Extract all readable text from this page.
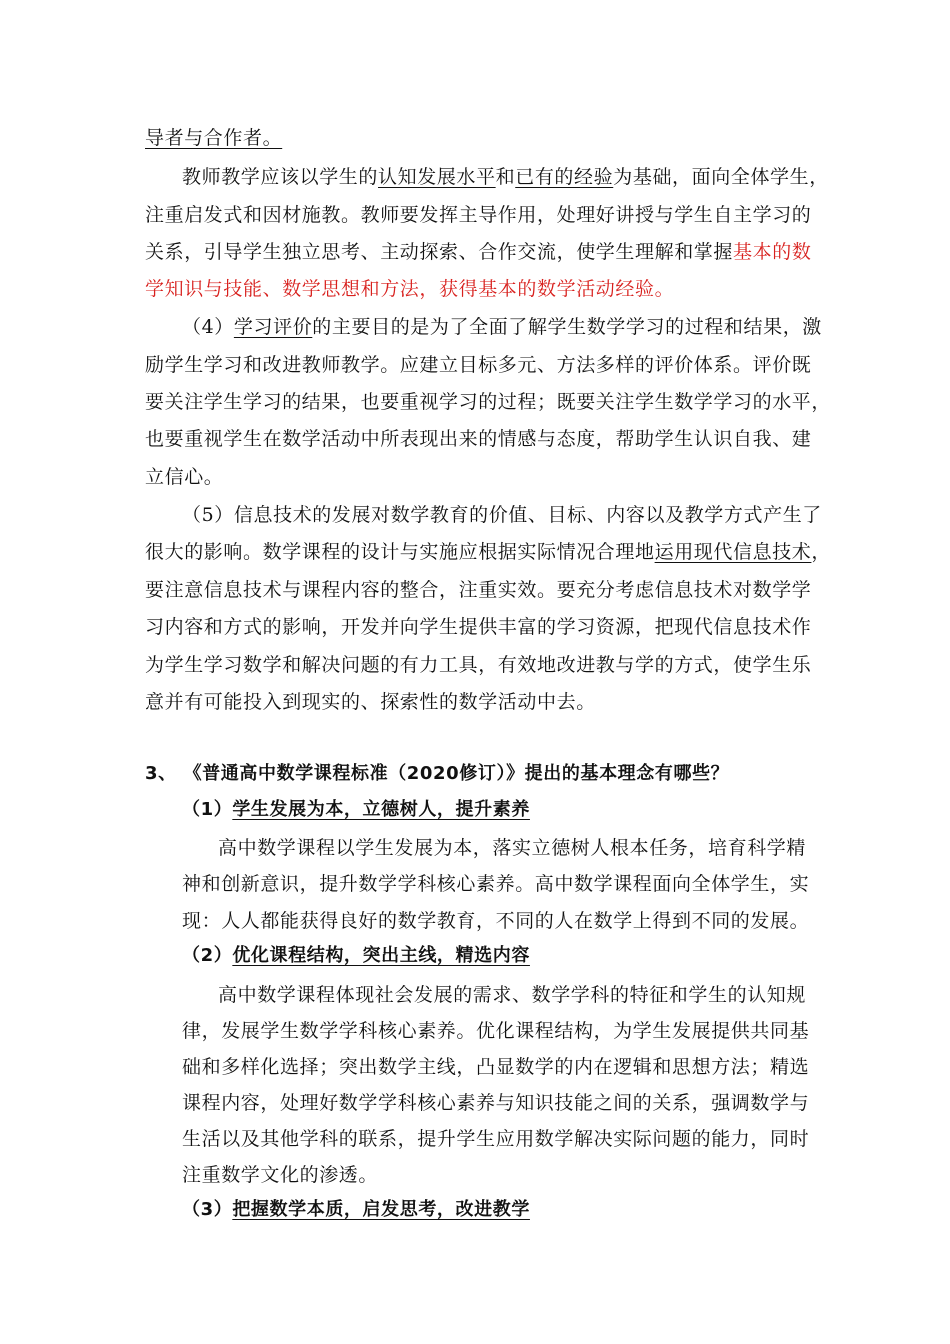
导者与合作者。
教师教学应该以学生的认知发展水平和已有的经验为基础，面向全体学生，
注重启发式和因材施教。教师要发挥主导作用，处理好讲授与学生自主学习的
关系，引导学生独立思考、主动探索、合作交流，使学生理解和掌握基本的数
学知识与技能、数学思想和方法，获得基本的数学活动经验。
（4）学习评价的主要目的是为了全面了解学生数学学习的过程和结果，激
励学生学习和改进教师教学。应建立目标多元、方法多样的评价体系。评价既
要关注学生学习的结果，也要重视学习的过程；既要关注学生数学学习的水平，
也要重视学生在数学活动中所表现出来的情感与态度，帮助学生认识自我、建
立信心。
（5）信息技术的发展对数学教育的价值、目标、内容以及教学方式产生了
很大的影响。数学课程的设计与实施应根据实际情况合理地运用现代信息技术，
要注意信息技术与课程内容的整合，注重实效。要充分考虑信息技术对数学学
习内容和方式的影响，开发并向学生提供丰富的学习资源，把现代信息技术作
为学生学习数学和解决问题的有力工具，有效地改进教与学的方式，使学生乐
意并有可能投入到现实的、探索性的数学活动中去。
3、 《普通高中数学课程标准（2020修订）》提出的基本理念有哪些？
（1）学生发展为本，立德树人，提升素养
高中数学课程以学生发展为本，落实立德树人根本任务，培育科学精
神和创新意识，提升数学学科核心素养。高中数学课程面向全体学生，实
现：人人都能获得良好的数学教育，不同的人在数学上得到不同的发展。
（2）优化课程结构，突出主线，精选内容
高中数学课程体现社会发展的需求、数学学科的特征和学生的认知规
律，发展学生数学学科核心素养。优化课程结构，为学生发展提供共同基
础和多样化选择；突出数学主线，凸显数学的内在逻辑和思想方法；精选
课程内容，处理好数学学科核心素养与知识技能之间的关系，强调数学与
生活以及其他学科的联系，提升学生应用数学解决实际问题的能力，同时
注重数学文化的渗透。
（3）把握数学本质，启发思考，改进教学
